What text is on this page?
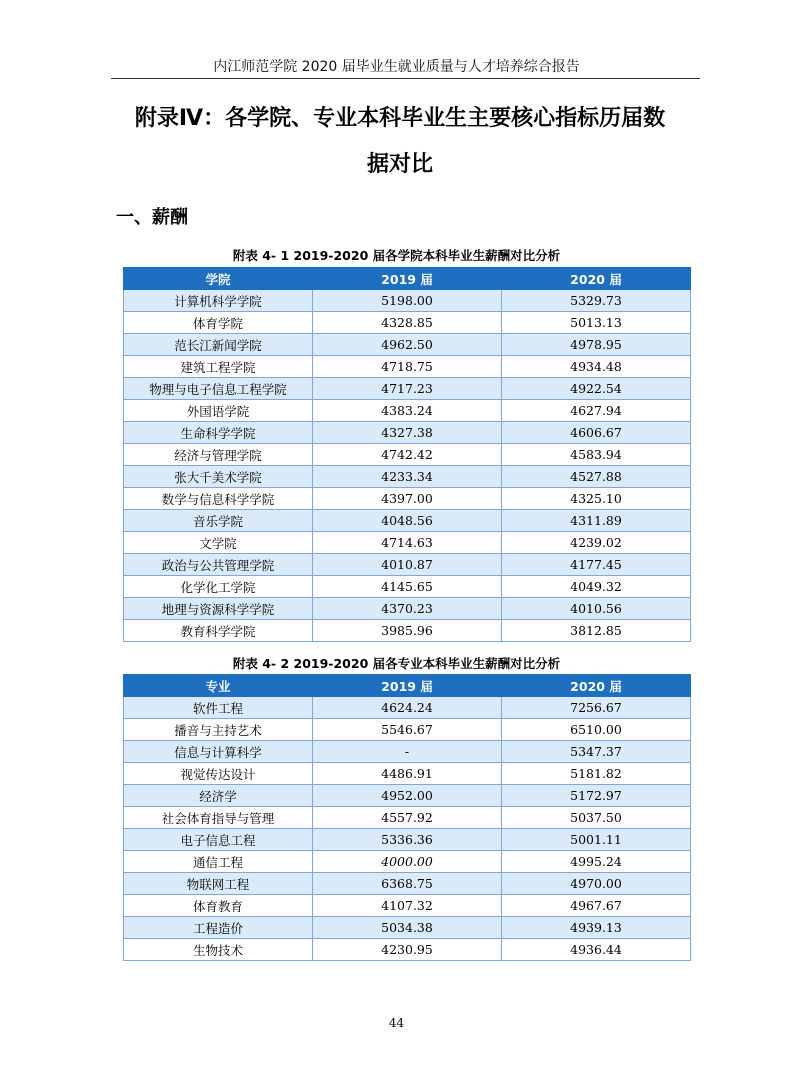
内江师范学院 2020 届毕业生就业质量与人才培养综合报告
附录Ⅳ：各学院、专业本科毕业生主要核心指标历届数
据对比
一、薪酬
附表 4- 1 2019-2020 届各学院本科毕业生薪酬对比分析
学院	2019 届	2020 届
计算机科学学院	5198.00	5329.73
体育学院	4328.85	5013.13
范长江新闻学院	4962.50	4978.95
建筑工程学院	4718.75	4934.48
物理与电子信息工程学院	4717.23	4922.54
外国语学院	4383.24	4627.94
生命科学学院	4327.38	4606.67
经济与管理学院	4742.42	4583.94
张大千美术学院	4233.34	4527.88
数学与信息科学学院	4397.00	4325.10
音乐学院	4048.56	4311.89
文学院	4714.63	4239.02
政治与公共管理学院	4010.87	4177.45
化学化工学院	4145.65	4049.32
地理与资源科学学院	4370.23	4010.56
教育科学学院	3985.96	3812.85
附表 4- 2 2019-2020 届各专业本科毕业生薪酬对比分析
专业	2019 届	2020 届
软件工程	4624.24	7256.67
播音与主持艺术	5546.67	6510.00
信息与计算科学	-	5347.37
视觉传达设计	4486.91	5181.82
经济学	4952.00	5172.97
社会体育指导与管理	4557.92	5037.50
电子信息工程	5336.36	5001.11
通信工程	4000.00	4995.24
物联网工程	6368.75	4970.00
体育教育	4107.32	4967.67
工程造价	5034.38	4939.13
生物技术	4230.95	4936.44
44
